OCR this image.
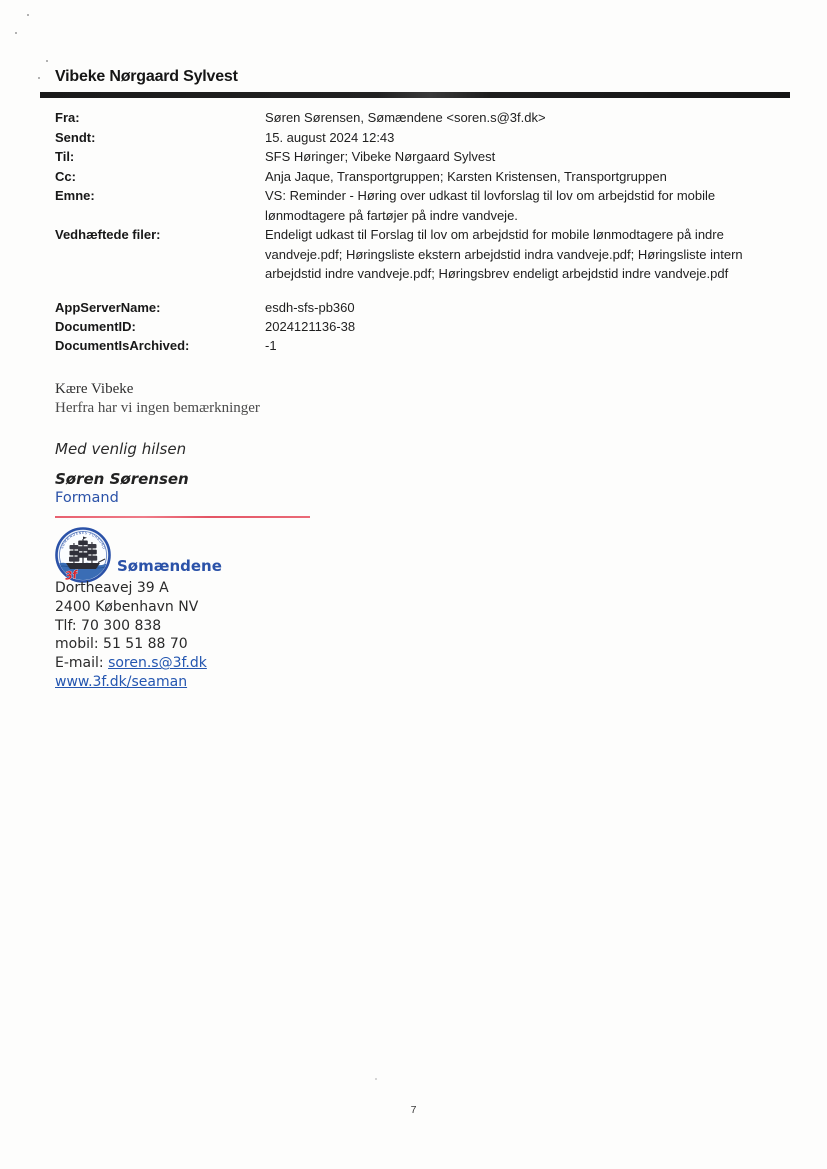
Vibeke Nørgaard Sylvest
Fra:	Søren Sørensen, Sømændene <soren.s@3f.dk>
Sendt:	15. august 2024 12:43
Til:	SFS Høringer; Vibeke Nørgaard Sylvest
Cc:	Anja Jaque, Transportgruppen; Karsten Kristensen, Transportgruppen
Emne:	VS: Reminder - Høring over udkast til lovforslag til lov om arbejdstid for mobile lønmodtagere på fartøjer på indre vandveje.
Vedhæftede filer:	Endeligt udkast til Forslag til lov om arbejdstid for mobile lønmodtagere på indre vandveje.pdf; Høringsliste ekstern arbejdstid indra vandveje.pdf; Høringsliste intern arbejdstid indre vandveje.pdf; Høringsbrev endeligt arbejdstid indre vandveje.pdf
AppServerName:	esdh-sfs-pb360
DocumentID:	2024121136-38
DocumentIsArchived:	-1
Kære Vibeke
Herfra har vi ingen bemærkninger
Med venlig hilsen
Søren Sørensen
Formand
SØMÆNDENES FORBUND
3f
Sømændene
Dortheavej 39 A
2400 København NV
Tlf: 70 300 838
mobil: 51 51 88 70
E-mail: soren.s@3f.dk
www.3f.dk/seaman
7
